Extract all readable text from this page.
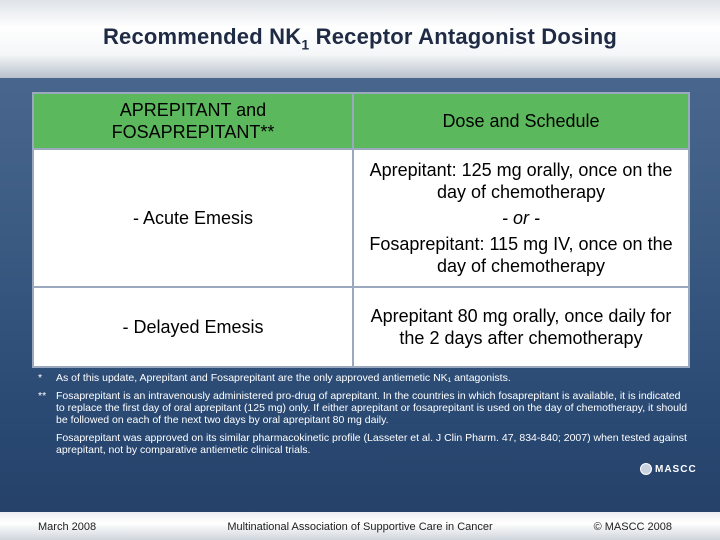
Recommended $NK_1$ Receptor Antagonist Dosing
APREPITANT and FOSAPREPITANT**	Dose and Schedule
- Acute Emesis	Aprepitant: 125 mg orally, once on the day of chemotherapy
- or -
Fosaprepitant: 115 mg IV, once on the day of chemotherapy

- Delayed Emesis	Aprepitant 80 mg orally, once daily for the 2 days after chemotherapy
*	As of this update, Aprepitant and Fosaprepitant are the only approved antiemetic NK₁ antagonists.
** Fosaprepitant is an intravenously administered pro-drug of aprepitant. In the countries in which fosaprepitant is available, it is indicated to replace the first day of oral aprepitant (125 mg) only. If either aprepitant or fosaprepitant is used on the day of chemotherapy, it should be followed on each of the next two days by oral aprepitant 80 mg daily.
Fosaprepitant was approved on its similar pharmacokinetic profile (Lasseter et al. J Clin Pharm. 47, 834-840; 2007) when tested against aprepitant, not by comparative antiemetic clinical trials.
MASCC
March 2008	Multinational Association of Supportive Care in Cancer	© MASCC 2008
